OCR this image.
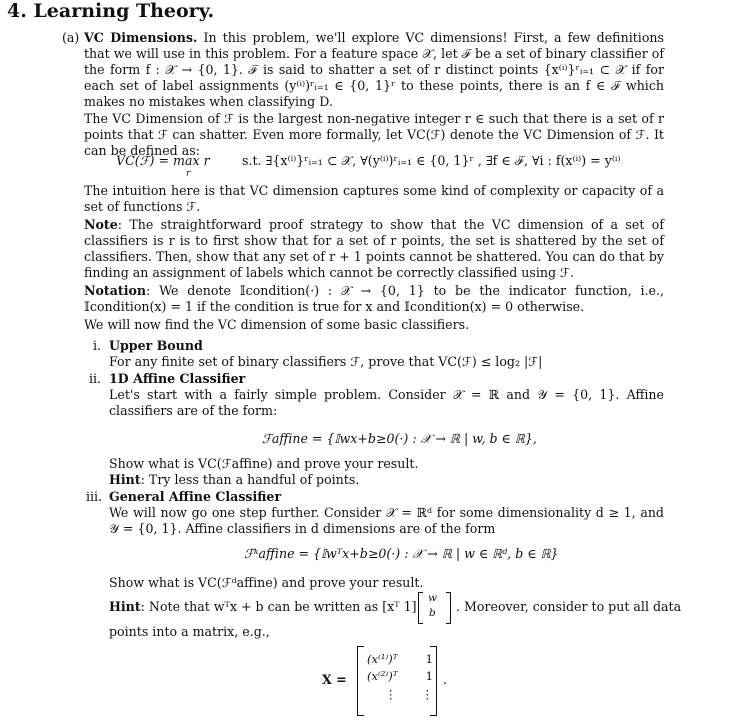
4. Learning Theory.
(a) VC Dimensions. In this problem, we'll explore VC dimensions! First, a few definitions that we will use in this problem. For a feature space 𝒳, let ℱ be a set of binary classifier of the form f : 𝒳 → {0, 1}. ℱ is said to shatter a set of r distinct points {x⁽ⁱ⁾}ʳᵢ₌₁ ⊂ 𝒳 if for each set of label assignments (y⁽ⁱ⁾)ʳᵢ₌₁ ∈ {0, 1}ʳ to these points, there is an f ∈ ℱ which makes no mistakes when classifying D.
The VC Dimension of ℱ is the largest non-negative integer r ∈ such that there is a set of r points that ℱ can shatter. Even more formally, let VC(ℱ) denote the VC Dimension of ℱ. It can be defined as:
VC(ℱ) = max r
r
s.t. ∃{x⁽ⁱ⁾}ʳᵢ₌₁ ⊂ 𝒳, ∀(y⁽ⁱ⁾)ʳᵢ₌₁ ∈ {0, 1}ʳ , ∃f ∈ ℱ, ∀i : f(x⁽ⁱ⁾) = y⁽ⁱ⁾
The intuition here is that VC dimension captures some kind of complexity or capacity of a set of functions ℱ.
Note: The straightforward proof strategy to show that the VC dimension of a set of classifiers is r is to first show that for a set of r points, the set is shattered by the set of classifiers. Then, show that any set of r + 1 points cannot be shattered. You can do that by finding an assignment of labels which cannot be correctly classified using ℱ.
Notation: We denote 𝕀condition(·) : 𝒳 → {0, 1} to be the indicator function, i.e., 𝕀condition(x) = 1 if the condition is true for x and 𝕀condition(x) = 0 otherwise.
We will now find the VC dimension of some basic classifiers.
i. Upper Bound
For any finite set of binary classifiers ℱ, prove that VC(ℱ) ≤ log₂ |ℱ|
ii. 1D Affine Classifier
Let's start with a fairly simple problem. Consider 𝒳 = ℝ and 𝒴 = {0, 1}. Affine classifiers are of the form:
ℱaffine = {𝕀wx+b≥0(·) : 𝒳 → ℝ | w, b ∈ ℝ},
Show what is VC(ℱaffine) and prove your result.
Hint: Try less than a handful of points.
iii. General Affine Classifier
We will now go one step further. Consider 𝒳 = ℝᵈ for some dimensionality d ≥ 1, and 𝒴 = {0, 1}. Affine classifiers in d dimensions are of the form
ℱᵏaffine = {𝕀wᵀx+b≥0(·) : 𝒳 → ℝ | w ∈ ℝᵈ, b ∈ ℝ}
Show what is VC(ℱᵈaffine) and prove your result.
Hint: Note that wᵀx + b can be written as [xᵀ 1]
w
b . Moreover, consider to put all data
points into a matrix, e.g.,
X =
(x⁽¹⁾)ᵀ 1
(x⁽²⁾)ᵀ 1
⋮ ⋮
.
